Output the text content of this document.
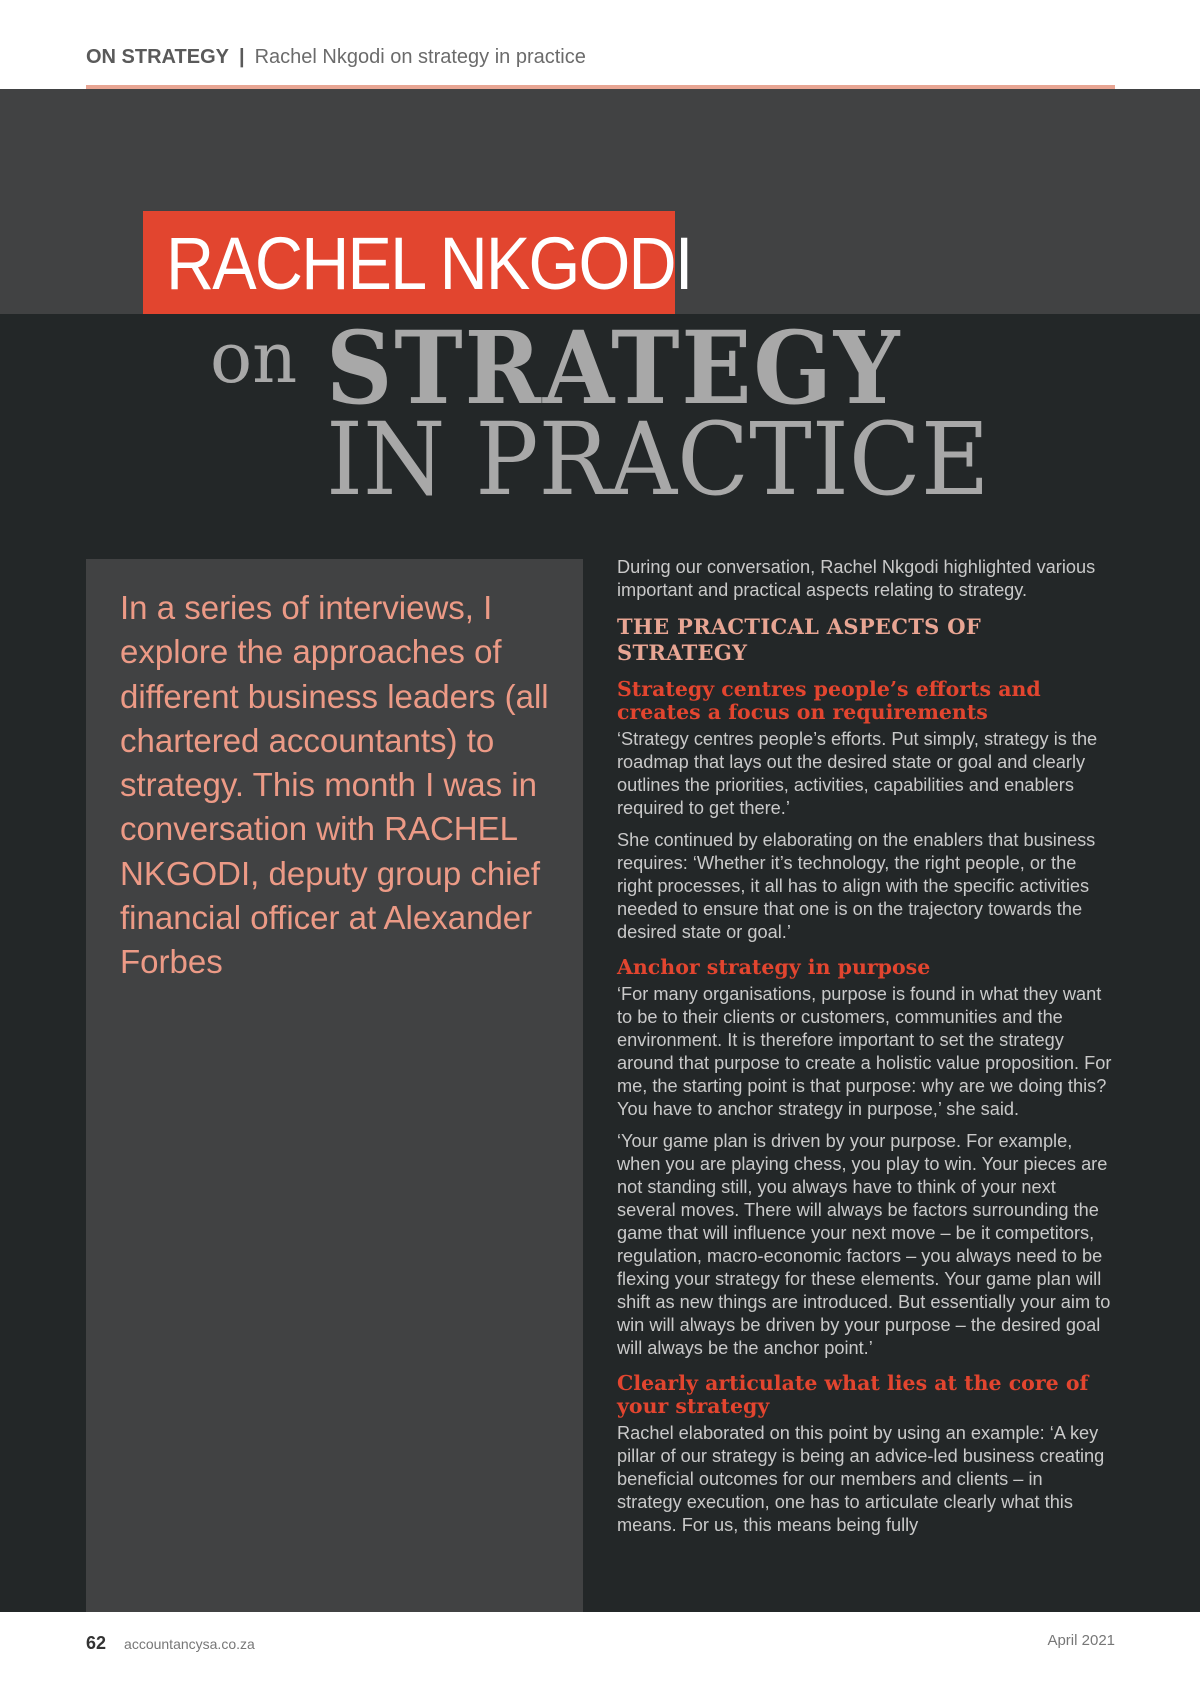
ON STRATEGY | Rachel Nkgodi on strategy in practice
RACHEL NKGODI
on STRATEGY
IN PRACTICE
In a series of interviews, I explore the approaches of different business leaders (all chartered accountants) to strategy. This month I was in conversation with RACHEL NKGODI, deputy group chief financial officer at Alexander Forbes

During our conversation, Rachel Nkgodi highlighted various important and practical aspects relating to strategy.

THE PRACTICAL ASPECTS OF STRATEGY
Strategy centres people’s efforts and creates a focus on requirements

‘Strategy centres people’s efforts. Put simply, strategy is the roadmap that lays out the desired state or goal and clearly outlines the priorities, activities, capabilities and enablers required to get there.’

She continued by elaborating on the enablers that business requires: ‘Whether it’s technology, the right people, or the right processes, it all has to align with the specific activities needed to ensure that one is on the trajectory towards the desired state or goal.’

Anchor strategy in purpose

‘For many organisations, purpose is found in what they want to be to their clients or customers, communities and the environment. It is therefore important to set the strategy around that purpose to create a holistic value proposition. For me, the starting point is that purpose: why are we doing this? You have to anchor strategy in purpose,’ she said.

‘Your game plan is driven by your purpose. For example, when you are playing chess, you play to win. Your pieces are not standing still, you always have to think of your next several moves. There will always be factors surrounding the game that will influence your next move – be it competitors, regulation, macro-economic factors – you always need to be flexing your strategy for these elements. Your game plan will shift as new things are introduced. But essentially your aim to win will always be driven by your purpose – the desired goal will always be the anchor point.’

Clearly articulate what lies at the core of your strategy

Rachel elaborated on this point by using an example: ‘A key pillar of our strategy is being an advice-led business creating beneficial outcomes for our members and clients – in strategy execution, one has to articulate clearly what this means. For us, this means being fully

62 accountancysa.co.za	April 2021
